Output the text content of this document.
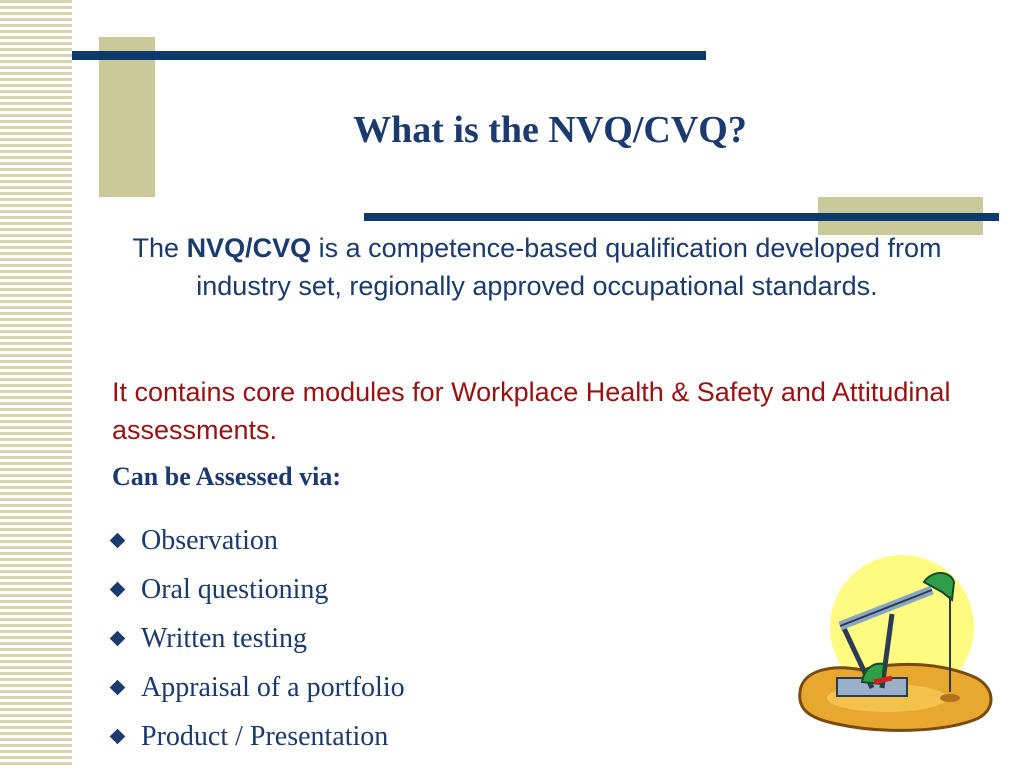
What is the NVQ/CVQ?
The NVQ/CVQ is a competence-based qualification developed from industry set, regionally approved occupational standards.
It contains core modules for Workplace Health & Safety and Attitudinal assessments.
Can be Assessed via:
Observation
Oral questioning
Written testing
Appraisal of a portfolio
Product / Presentation
